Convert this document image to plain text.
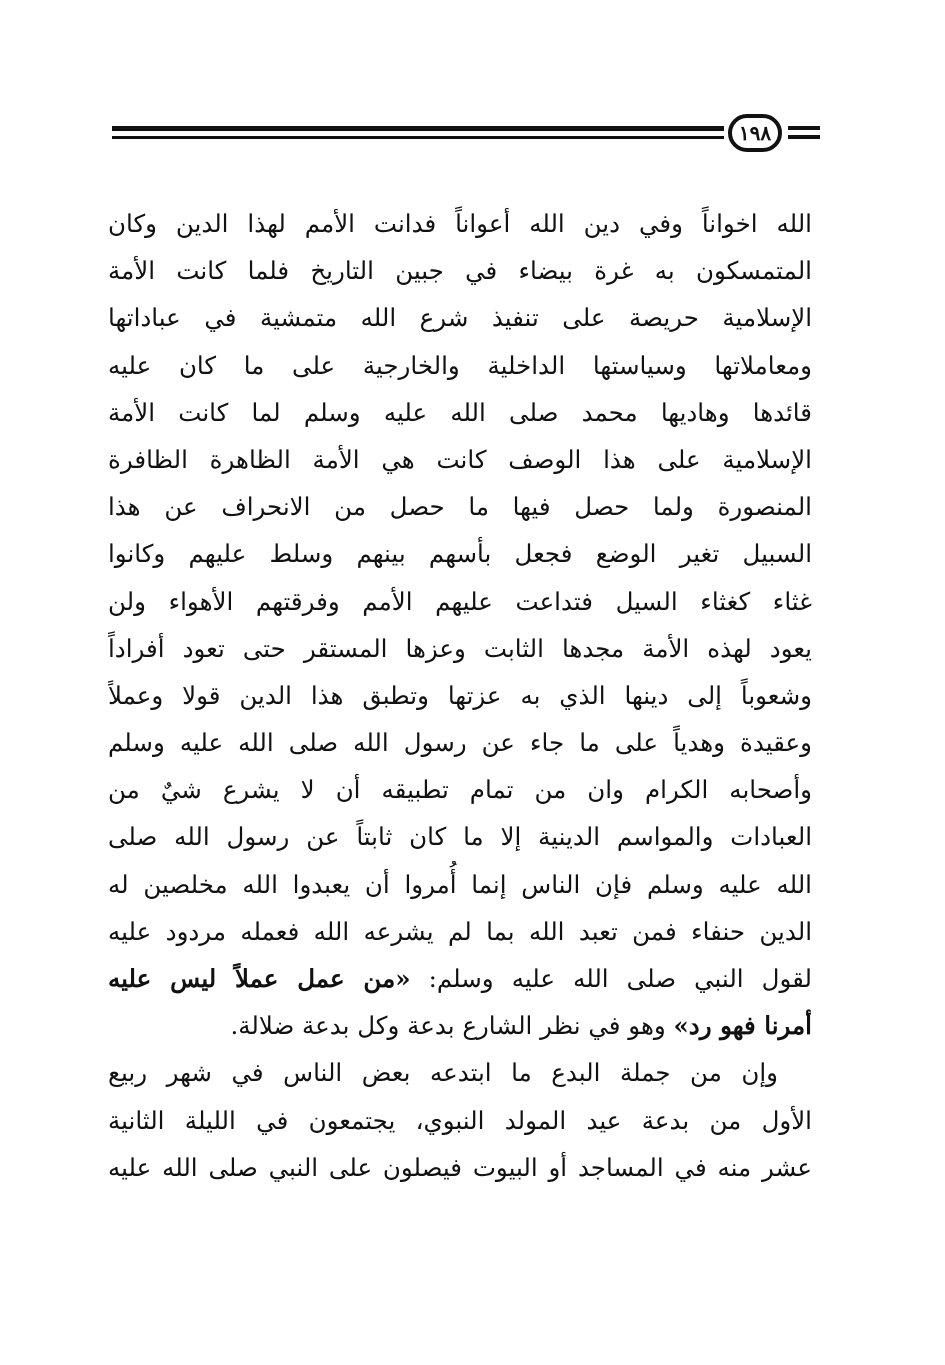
١٩٨
الله اخواناً وفي دين الله أعواناً فدانت الأمم لهذا الدين وكان
المتمسكون به غرة بيضاء في جبين التاريخ فلما كانت الأمة
الإسلامية حريصة على تنفيذ شرع الله متمشية في عباداتها
ومعاملاتها وسياستها الداخلية والخارجية على ما كان عليه
قائدها وهاديها محمد صلى الله عليه وسلم لما كانت الأمة
الإسلامية على هذا الوصف كانت هي الأمة الظاهرة الظافرة
المنصورة ولما حصل فيها ما حصل من الانحراف عن هذا
السبيل تغير الوضع فجعل بأسهم بينهم وسلط عليهم وكانوا
غثاء كغثاء السيل فتداعت عليهم الأمم وفرقتهم الأهواء ولن
يعود لهذه الأمة مجدها الثابت وعزها المستقر حتى تعود أفراداً
وشعوباً إلى دينها الذي به عزتها وتطبق هذا الدين قولا وعملاً
وعقيدة وهدياً على ما جاء عن رسول الله صلى الله عليه وسلم
وأصحابه الكرام وان من تمام تطبيقه أن لا يشرع شيٌ من
العبادات والمواسم الدينية إلا ما كان ثابتاً عن رسول الله صلى
الله عليه وسلم فإن الناس إنما أُمروا أن يعبدوا الله مخلصين له
الدين حنفاء فمن تعبد الله بما لم يشرعه الله فعمله مردود عليه
لقول النبي صلى الله عليه وسلم: «من عمل عملاً ليس عليه
أمرنا فهو رد» وهو في نظر الشارع بدعة وكل بدعة ضلالة.
وإن من جملة البدع ما ابتدعه بعض الناس في شهر ربيع
الأول من بدعة عيد المولد النبوي، يجتمعون في الليلة الثانية
عشر منه في المساجد أو البيوت فيصلون على النبي صلى الله عليه
